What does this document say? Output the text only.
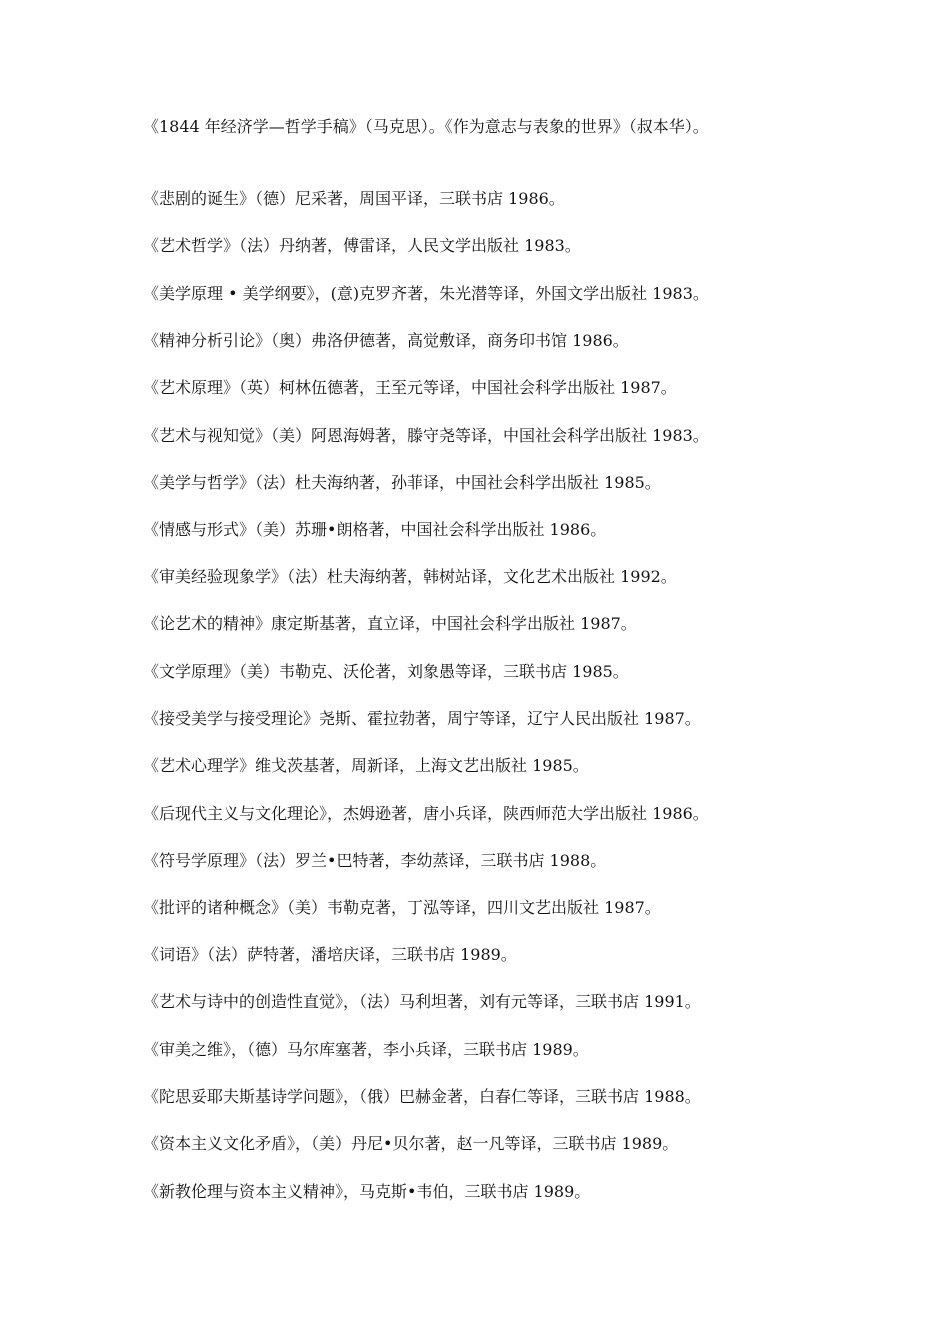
《1844 年经济学—哲学手稿》（马克思）。《作为意志与表象的世界》（叔本华）。

《悲剧的诞生》（德）尼采著，周国平译，三联书店 1986。

《艺术哲学》（法）丹纳著，傅雷译，人民文学出版社 1983。

《美学原理 • 美学纲要》，(意)克罗齐著，朱光潜等译，外国文学出版社 1983。

《精神分析引论》（奥）弗洛伊德著，高觉敷译，商务印书馆 1986。

《艺术原理》（英）柯林伍德著，王至元等译，中国社会科学出版社 1987。

《艺术与视知觉》（美）阿恩海姆著，滕守尧等译，中国社会科学出版社 1983。

《美学与哲学》（法）杜夫海纳著，孙菲译，中国社会科学出版社 1985。

《情感与形式》（美）苏珊•朗格著，中国社会科学出版社 1986。

《审美经验现象学》（法）杜夫海纳著，韩树站译，文化艺术出版社 1992。

《论艺术的精神》康定斯基著，直立译，中国社会科学出版社 1987。

《文学原理》（美）韦勒克、沃伦著，刘象愚等译，三联书店 1985。

《接受美学与接受理论》尧斯、霍拉勃著，周宁等译，辽宁人民出版社 1987。

《艺术心理学》维戈茨基著，周新译，上海文艺出版社 1985。

《后现代主义与文化理论》，杰姆逊著，唐小兵译，陕西师范大学出版社 1986。

《符号学原理》（法）罗兰•巴特著，李幼蒸译，三联书店 1988。

《批评的诸种概念》（美）韦勒克著，丁泓等译，四川文艺出版社 1987。

《词语》（法）萨特著，潘培庆译，三联书店 1989。

《艺术与诗中的创造性直觉》，（法）马利坦著，刘有元等译，三联书店 1991。

《审美之维》，（德）马尔库塞著，李小兵译，三联书店 1989。

《陀思妥耶夫斯基诗学问题》，（俄）巴赫金著，白春仁等译，三联书店 1988。

《资本主义文化矛盾》，（美）丹尼•贝尔著，赵一凡等译，三联书店 1989。

《新教伦理与资本主义精神》，马克斯•韦伯，三联书店 1989。
